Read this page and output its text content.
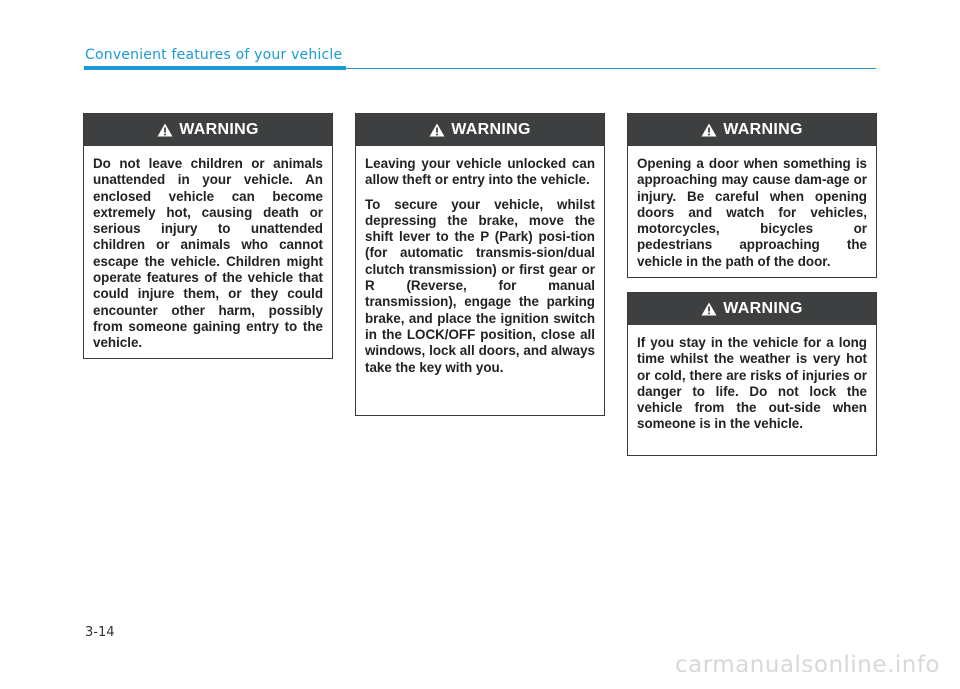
Convenient features of your vehicle
WARNING

Do not leave children or animals unattended in your vehicle. An enclosed vehicle can become extremely hot, causing death or serious injury to unattended children or animals who cannot escape the vehicle. Children might operate features of the vehicle that could injure them, or they could encounter other harm, possibly from someone gaining entry to the vehicle.

WARNING

Leaving your vehicle unlocked can allow theft or entry into the vehicle.

To secure your vehicle, whilst depressing the brake, move the shift lever to the P (Park) posi-tion (for automatic transmis-sion/dual clutch transmission) or first gear or R (Reverse, for manual transmission), engage the parking brake, and place the ignition switch in the LOCK/OFF position, close all windows, lock all doors, and always take the key with you.

WARNING

Opening a door when something is approaching may cause dam-age or injury. Be careful when opening doors and watch for vehicles, motorcycles, bicycles or pedestrians approaching the vehicle in the path of the door.

WARNING

If you stay in the vehicle for a long time whilst the weather is very hot or cold, there are risks of injuries or danger to life. Do not lock the vehicle from the out-side when someone is in the vehicle.

3-14
carmanualsonline.info
